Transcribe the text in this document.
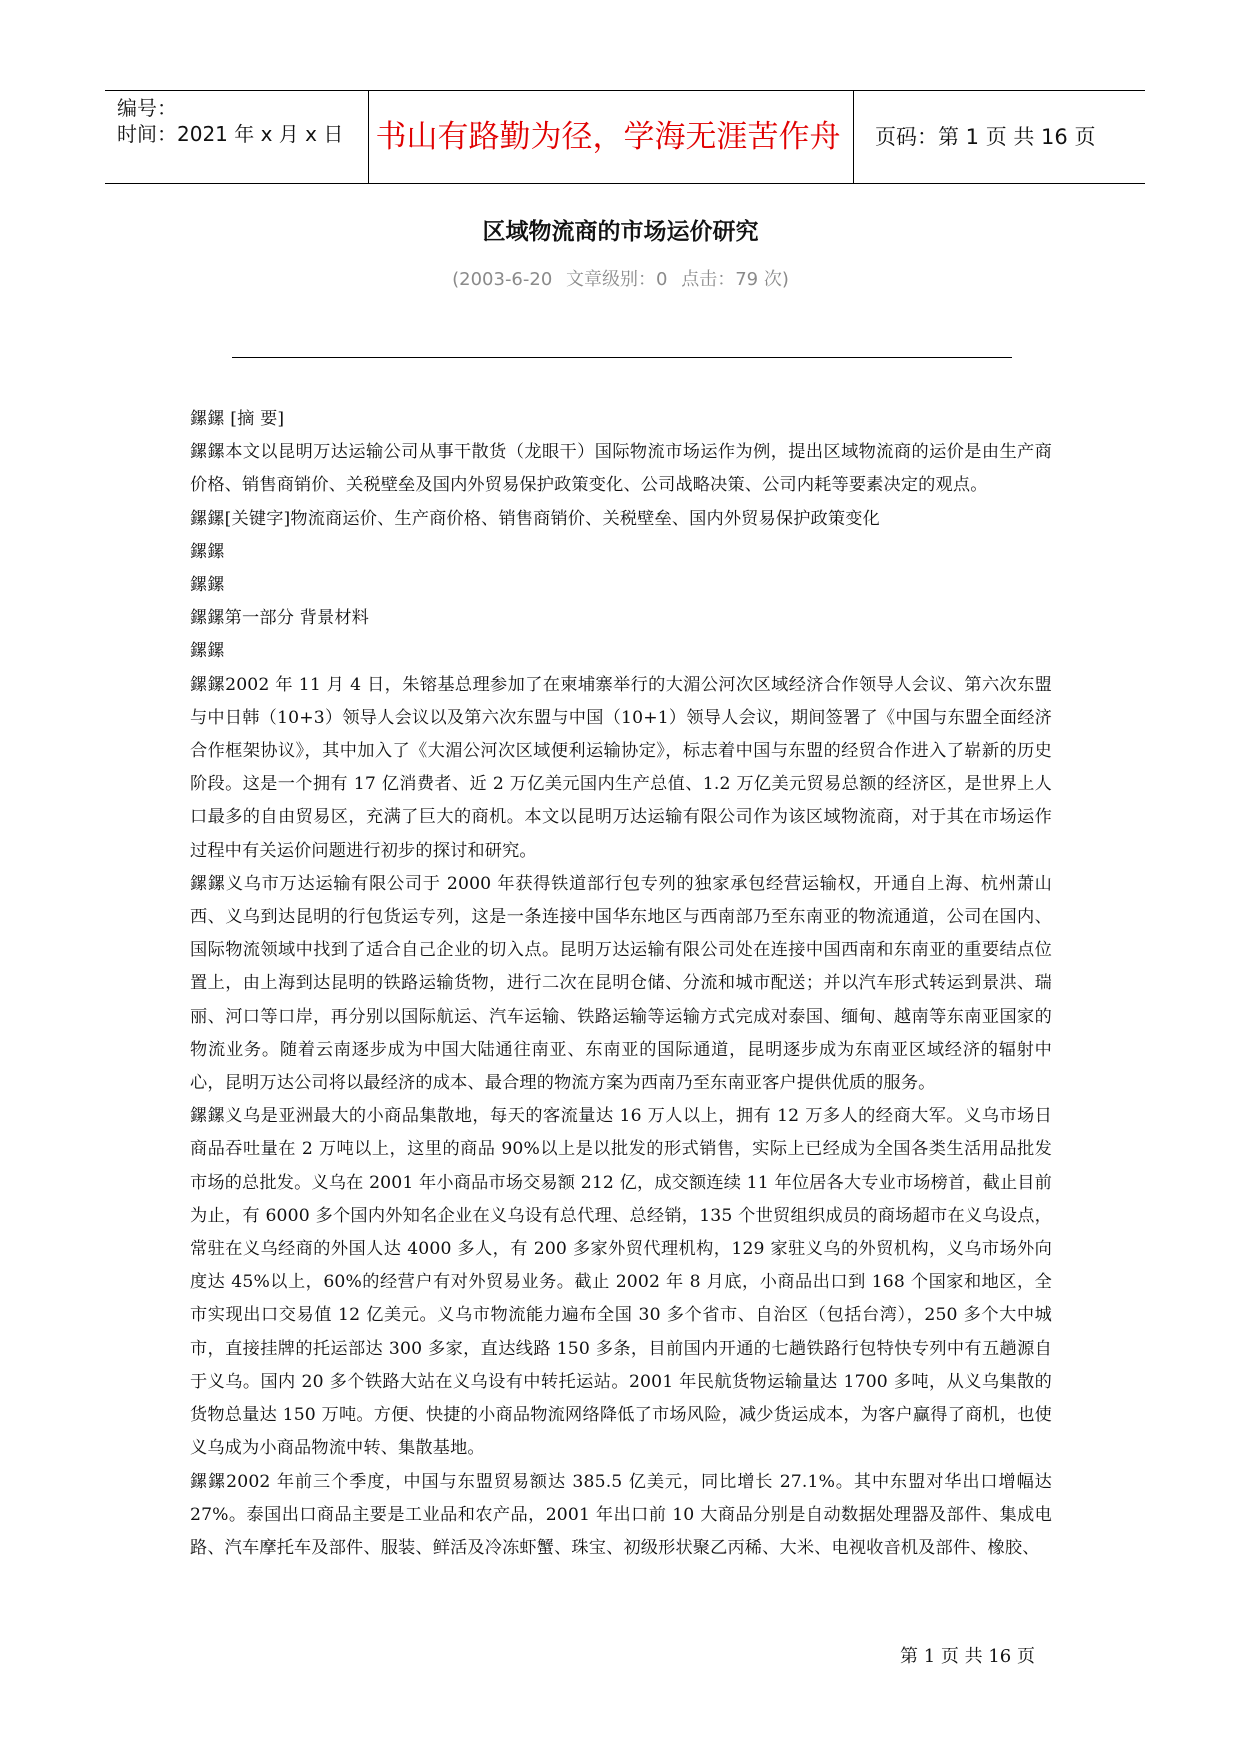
编号：
时间：2021 年 x 月 x 日	书山有路勤为径，学海无涯苦作舟	页码：第 1 页 共 16 页
区域物流商的市场运价研究
(2003-6-20 文章级别：0 点击：79 次)

鏍鏍 [摘 要]

鏍鏍本文以昆明万达运输公司从事干散货（龙眼干）国际物流市场运作为例，提出区域物流商的运价是由生产商价格、销售商销价、关税壁垒及国内外贸易保护政策变化、公司战略决策、公司内耗等要素决定的观点。

鏍鏍[关键字]物流商运价、生产商价格、销售商销价、关税壁垒、国内外贸易保护政策变化

鏍鏍

鏍鏍

鏍鏍第一部分 背景材料

鏍鏍

鏍鏍2002 年 11 月 4 日，朱镕基总理参加了在柬埔寨举行的大湄公河次区域经济合作领导人会议、第六次东盟与中日韩（10+3）领导人会议以及第六次东盟与中国（10+1）领导人会议，期间签署了《中国与东盟全面经济合作框架协议》，其中加入了《大湄公河次区域便利运输协定》，标志着中国与东盟的经贸合作进入了崭新的历史阶段。这是一个拥有 17 亿消费者、近 2 万亿美元国内生产总值、1.2 万亿美元贸易总额的经济区，是世界上人口最多的自由贸易区，充满了巨大的商机。本文以昆明万达运输有限公司作为该区域物流商，对于其在市场运作过程中有关运价问题进行初步的探讨和研究。

鏍鏍义乌市万达运输有限公司于 2000 年获得铁道部行包专列的独家承包经营运输权，开通自上海、杭州萧山西、义乌到达昆明的行包货运专列，这是一条连接中国华东地区与西南部乃至东南亚的物流通道，公司在国内、国际物流领域中找到了适合自己企业的切入点。昆明万达运输有限公司处在连接中国西南和东南亚的重要结点位置上，由上海到达昆明的铁路运输货物，进行二次在昆明仓储、分流和城市配送；并以汽车形式转运到景洪、瑞丽、河口等口岸，再分别以国际航运、汽车运输、铁路运输等运输方式完成对泰国、缅甸、越南等东南亚国家的物流业务。随着云南逐步成为中国大陆通往南亚、东南亚的国际通道，昆明逐步成为东南亚区域经济的辐射中心，昆明万达公司将以最经济的成本、最合理的物流方案为西南乃至东南亚客户提供优质的服务。

鏍鏍义乌是亚洲最大的小商品集散地，每天的客流量达 16 万人以上，拥有 12 万多人的经商大军。义乌市场日商品吞吐量在 2 万吨以上，这里的商品 90%以上是以批发的形式销售，实际上已经成为全国各类生活用品批发市场的总批发。义乌在 2001 年小商品市场交易额 212 亿，成交额连续 11 年位居各大专业市场榜首，截止目前为止，有 6000 多个国内外知名企业在义乌设有总代理、总经销，135 个世贸组织成员的商场超市在义乌设点，常驻在义乌经商的外国人达 4000 多人，有 200 多家外贸代理机构，129 家驻义乌的外贸机构，义乌市场外向度达 45%以上，60%的经营户有对外贸易业务。截止 2002 年 8 月底，小商品出口到 168 个国家和地区，全市实现出口交易值 12 亿美元。义乌市物流能力遍布全国 30 多个省市、自治区（包括台湾），250 多个大中城市，直接挂牌的托运部达 300 多家，直达线路 150 多条，目前国内开通的七趟铁路行包特快专列中有五趟源自于义乌。国内 20 多个铁路大站在义乌设有中转托运站。2001 年民航货物运输量达 1700 多吨，从义乌集散的货物总量达 150 万吨。方便、快捷的小商品物流网络降低了市场风险，减少货运成本，为客户赢得了商机，也使义乌成为小商品物流中转、集散基地。

鏍鏍2002 年前三个季度，中国与东盟贸易额达 385.5 亿美元，同比增长 27.1%。其中东盟对华出口增幅达 27%。泰国出口商品主要是工业品和农产品，2001 年出口前 10 大商品分别是自动数据处理器及部件、集成电路、汽车摩托车及部件、服装、鲜活及冷冻虾蟹、珠宝、初级形状聚乙丙稀、大米、电视收音机及部件、橡胶、

第 1 页 共 16 页
